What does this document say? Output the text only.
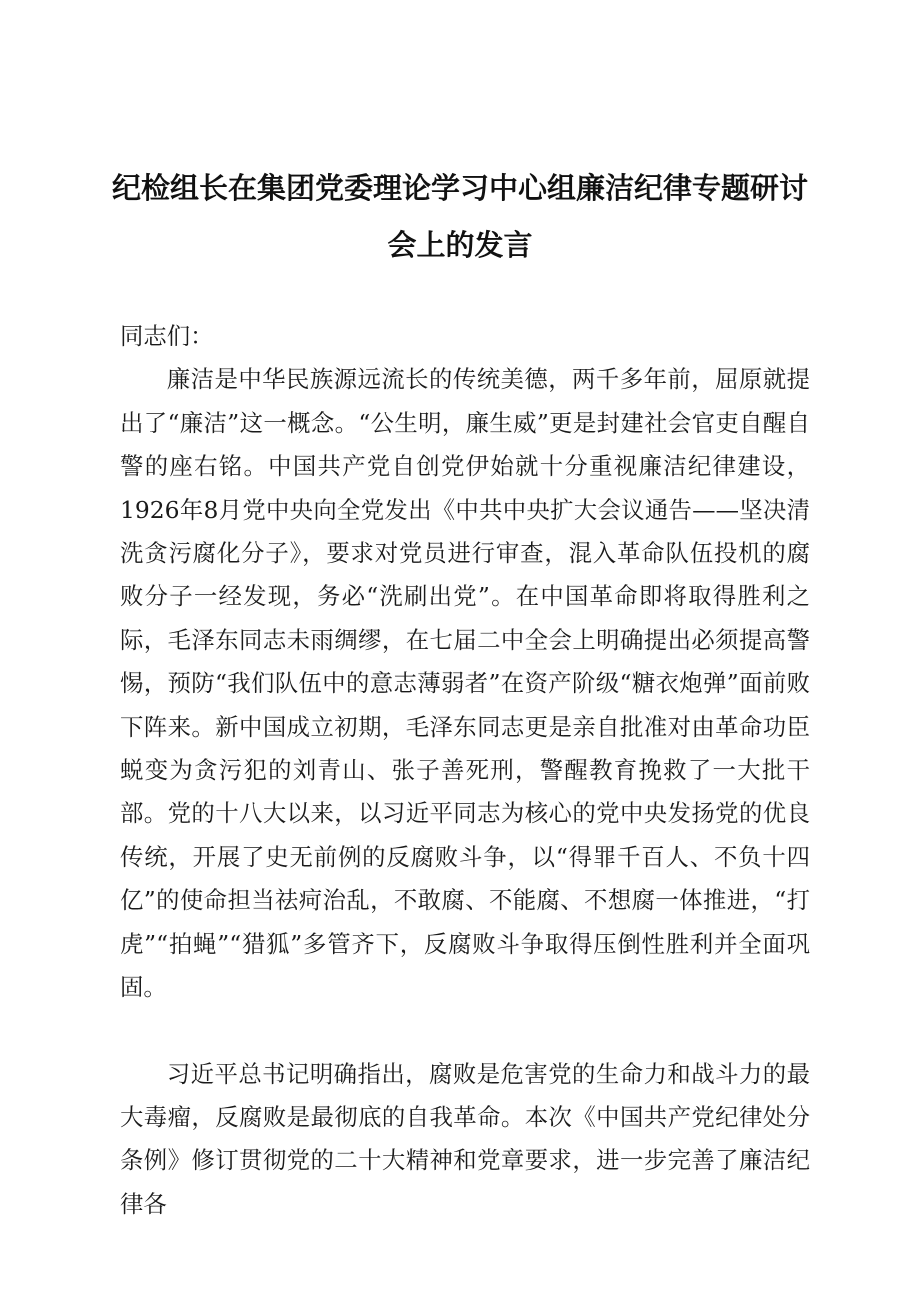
纪检组长在集团党委理论学习中心组廉洁纪律专题研讨
会上的发言

同志们：

廉洁是中华民族源远流长的传统美德，两千多年前，屈原就提出了“廉洁”这一概念。“公生明，廉生威”更是封建社会官吏自醒自警的座右铭。中国共产党自创党伊始就十分重视廉洁纪律建设，1926年8月党中央向全党发出《中共中央扩大会议通告——坚决清洗贪污腐化分子》，要求对党员进行审查，混入革命队伍投机的腐败分子一经发现，务必“洗刷出党”。在中国革命即将取得胜利之际，毛泽东同志未雨绸缪，在七届二中全会上明确提出必须提高警惕，预防“我们队伍中的意志薄弱者”在资产阶级“糖衣炮弹”面前败下阵来。新中国成立初期，毛泽东同志更是亲自批准对由革命功臣蜕变为贪污犯的刘青山、张子善死刑，警醒教育挽救了一大批干部。党的十八大以来，以习近平同志为核心的党中央发扬党的优良传统，开展了史无前例的反腐败斗争，以“得罪千百人、不负十四亿”的使命担当祛疴治乱，不敢腐、不能腐、不想腐一体推进，“打虎”“拍蝇”“猎狐”多管齐下，反腐败斗争取得压倒性胜利并全面巩固。

习近平总书记明确指出，腐败是危害党的生命力和战斗力的最大毒瘤，反腐败是最彻底的自我革命。本次《中国共产党纪律处分条例》修订贯彻党的二十大精神和党章要求，进一步完善了廉洁纪律各
